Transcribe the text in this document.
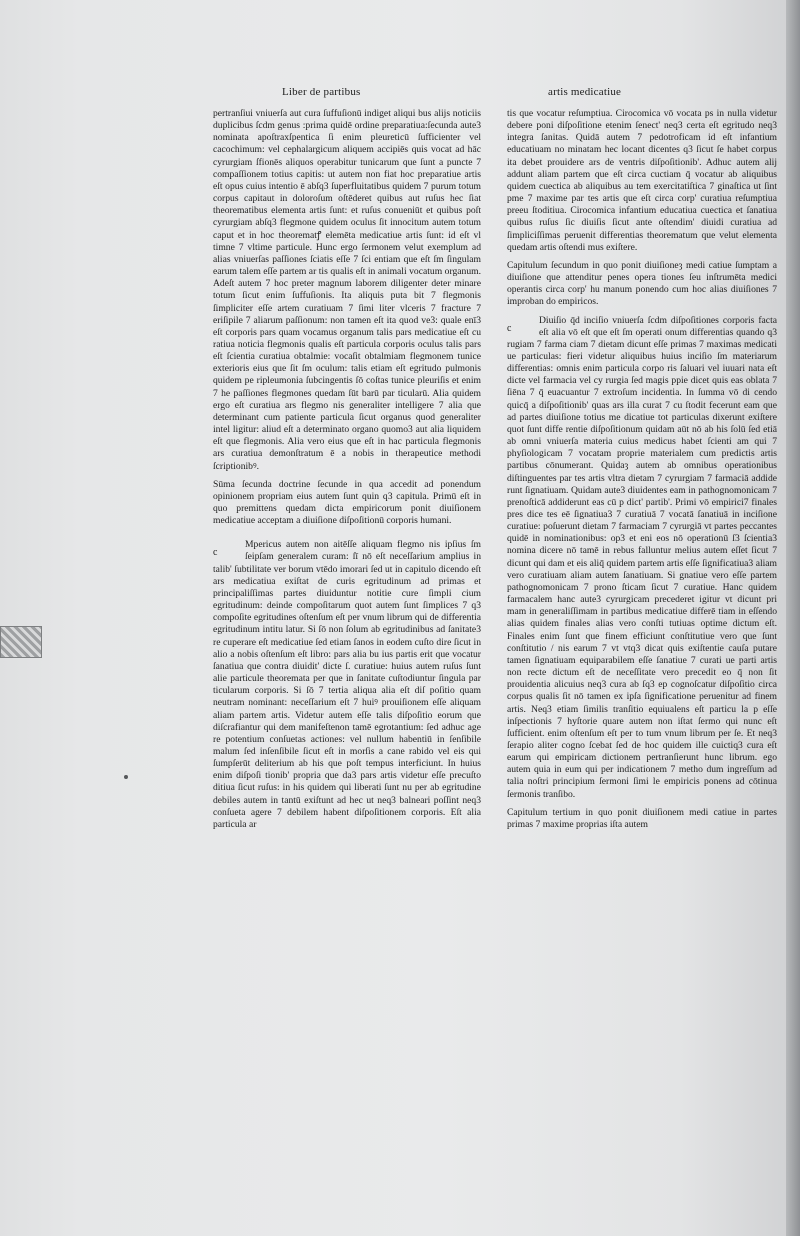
Liber de partibus	artis medicatiue

pertranſiui vniuerſa aut cura ſuffuſionū indiget aliqui bus alijs noticiis duplicibus ſcdm genus :prima quidē ordine preparatiua:ſecunda aute3 nominata apoſtraxſpentica ſi enim pleureticū ſufficienter vel cacochimum: vel cephalargicum aliquem accipiēs quis vocat ad hāc cyrurgiam ſfionēs aliquos operabitur tunicarum que ſunt a puncte 7 compaſſionem totius capitis: ut autem non fiat hoc preparatiue artis eſt opus cuius intentio ē abſq3 ſuperfluitatibus quidem 7 purum totum corpus capitaut in doloroſum oſtēderet quibus aut ruſus hec ſiat theorematibus elementa artis ſunt: et ruſus conueniūt et quibus poſt cyrurgiam abſq3 flegmone quidem oculus ſit innocitum autem totum caput et in hoc theorematꝭ elemēta medicatiue artis ſunt: id eſt vl timne 7 vltime particule. Hunc ergo ſermonem velut exemplum ad alias vniuerſas paſſiones ſciatis eſſe 7 ſci entiam que eſt ſm ſingulam earum talem eſſe partem ar tis qualis eſt in animali vocatum organum. Adeſt autem 7 hoc preter magnum laborem diligenter deter minare totum ſicut enim ſuffuſionis. Ita aliquis puta bit 7 flegmonis ſimpliciter eſſe artem curatiuam 7 ſimi liter vlceris 7 fracture 7 eriſipile 7 aliarum paſſionum: non tamen eſt ita quod ve3: quale enī3 eſt corporis pars quam vocamus organum talis pars medicatiue eſt cu ratiua noticia flegmonis qualis eſt particula corporis oculus talis pars eſt ſcientia curatiua obtalmie: vocaſit obtalmiam flegmonem tunice exterioris eius que ſit ſm oculum: talis etiam eſt egritudo pulmonis quidem pe ripleumonia ſubcingentis ſō coſtas tunice pleuriſis et enim 7 he paſſiones flegmones quedam ſūt barū par ticularū. Alia quidem ergo eſt curatiua ars flegmo nis generaliter intelligere 7 alia que determinant cum patiente particula ſicut organus quod generaliter intel ligitur: aliud eſt a determinato organo quomo3 aut alia liquidem eſt que flegmonis. Alia vero eius que eſt in hac particula flegmonis ars curatiua demonſtratum ē a nobis in therapeutice methodi ſcriptionibꝰ.

Sūma ſecunda doctrine ſecunde in qua accedit ad ponendum opinionem propriam eius autem ſunt quin q3 capitula. Primū eſt in quo premittens quedam dicta empiricorum ponit diuiſionem medicatiue acceptam a diuiſione diſpoſitionū corporis humani.

c
Mpericus autem non aitēſſe aliquam flegmo nis ipſius ſm ſeipſam generalem curam: ſī nō eſt neceſſarium amplius in talib' ſubtilitate ver borum vtēdo imorari ſed ut in capitulo dicendo eſt ars medicatiua exiſtat de curis egritudinum ad primas et principaliſſimas partes diuiduntur notitie cure ſimpli cium egritudinum: deinde compoſitarum quot autem ſunt ſimplices 7 q3 compoſite egritudines oſtenſum eſt per vnum librum qui de differentia egritudinum intitu latur. Si ſō non ſolum ab egritudinibus ad ſanitate3 re cuperare eſt medicatiue ſed etiam ſanos in eodem cuſto dire ſicut in alio a nobis oſtenſum eſt libro: pars alia bu ius partis erit que vocatur ſanatiua que contra diuidit' dicte ſ. curatiue: huius autem ruſus ſunt alie particule theoremata per que in ſanitate cuſtodiuntur ſingula par ticularum corporis. Si ſō 7 tertia aliqua alia eſt diſ poſitio quam neutram nominant: neceſſarium eſt 7 huiꝰ prouiſionem eſſe aliquam aliam partem artis. Videtur autem eſſe talis diſpoſitio eorum que diſcrafiantur qui dem manifeſtenon tamē egrotantium: ſed adhuc age re potentium conſuetas actiones: vel nullum habentiū in ſenſibile malum ſed inſenſibile ſicut eſt in morſis a cane rabido vel eis qui ſumpſerūt deliterium ab his que poſt tempus interficiunt. In huius enim diſpoſi tionib' propria que da3 pars artis videtur eſſe precuſto ditiua ſicut ruſus: in his quidem qui liberati ſunt nu per ab egritudine debiles autem in tantū exiſtunt ad hec ut neq3 balneari poſſint neq3 conſueta agere 7 debilem habent diſpoſitionem corporis. Eſt alia particula ar

tis que vocatur reſumptiua. Cirocomica vō vocata ps in nulla videtur debere poni diſpoſitione etenim ſenect' neq3 certa eſt egritudo neq3 integra ſanitas. Quidā autem 7 pedotroficam id eſt infantium educatiuam no minatam hec locant dicentes q3 ſicut ſe habet corpus ita debet prouidere ars de ventris diſpoſitionib'. Adhuc autem alij addunt aliam partem que eſt circa cuctiam q̄ vocatur ab aliquibus quidem cuectica ab aliquibus au tem exercitatiſtica 7 ginaſtica ut ſint pme 7 maxime par tes artis que eſt circa corp' curatiua reſumptiua preeu ſtoditiua. Cirocomica infantium educatiua cuectica et ſanatiua quibus ruſus ſic diuiſis ſicut ante oſtendim' diuidi curatiua ad ſimpliciſſimas peruenit differentias theorematum que velut elementa quedam artis oſtendi mus exiſtere.

Capitulum ſecundum in quo ponit diuiſioneȝ medi catiue ſumptam a diuiſione que attenditur penes opera tiones ſeu inſtrumēta medici operantis circa corp' hu manum ponendo cum hoc alias diuiſiones 7 improban do empiricos.

c
Diuiſio q̄d inciſio vniuerſa ſcdm diſpoſitiones corporis facta eſt alia vō eſt que eſt ſm operati onum differentias quando q3 rugiam 7 farma ciam 7 dietam dicunt eſſe primas 7 maximas medicati ue particulas: fieri videtur aliquibus huius inciſio ſm materiarum differentias: omnis enim particula corpo ris ſaluari vel iuuari nata eſt dicte vel farmacia vel cy rurgia ſed magis ppie dicet quis eas oblata 7 ſiēna 7 q̄ euacuantur 7 extroſum incidentia. In ſumma vō di cendo quicq̄ a diſpoſitionib' quas ars illa curat 7 cu ſtodit fecerunt eam que ad partes diuiſione totius me dicatiue tot particulas dixerunt exiſtere quot ſunt diffe rentie diſpoſitionum quidam aūt nō ab his ſolū ſed etiā ab omni vniuerſa materia cuius medicus habet ſcienti am qui 7 phyſiologicam 7 vocatam proprie materialem cum predictis artis partibus cōnumerant. Quidaȝ autem ab omnibus operationibus diſtinguentes par tes artis vltra dietam 7 cyrurgiam 7 farmaciā addide runt ſignatiuam. Quidam aute3 diuidentes eam in pathognomonicam 7 prenoſticā addiderunt eas cū p dict' partib'. Primi vō empirici7 finales pres dice tes eē ſignatiua3 7 curatiuā 7 vocatā ſanatiuā in inciſione curatiue: poſuerunt dietam 7 farmaciam 7 cyrurgiā vt partes peccantes quidē in nominationibus: op3 et eni eos nō operationū ſ3 ſcientia3 nomina dicere nō tamē in rebus falluntur melius autem eſſet ſicut 7 dicunt qui dam et eis aliq̄ quidem partem artis eſſe ſignificatiua3 aliam vero curatiuam aliam autem ſanatiuam. Si gnatiue vero eſſe partem pathognomonicam 7 prono ſticam ſicut 7 curatiue. Hanc quidem farmacalem hanc aute3 cyrurgicam precederet igitur vt dicunt pri mam in generaliſſimam in partibus medicatiue differē tiam in eſſendo alias quidem finales alias vero conſti tutiuas optime dictum eſt. Finales enim ſunt que finem efficiunt conſtitutiue vero que ſunt conſtitutio / nis earum 7 vt vtq3 dicat quis exiſtentie cauſa putare tamen ſignatiuam equiparabilem eſſe ſanatiue 7 curati ue parti artis non recte dictum eſt de neceſſitate vero precedit eo q̄ non ſit prouidentia alicuius neq3 cura ab ſq3 ep cognoſcatur diſpoſitio circa corpus qualis ſit nō tamen ex ipſa ſignificatione peruenitur ad finem artis. Neq3 etiam ſimilis tranſitio equiualens eſt particu la p eſſe inſpectionis 7 hyſtorie quare autem non iſtat ſermo qui nunc eſt ſufficient. enim oſtenſum eſt per to tum vnum librum per ſe. Et neq3 ſerapio aliter cogno ſcebat ſed de hoc quidem ille cuictiq3 cura eſt earum qui empiricam dictionem pertranſierunt hunc librum. ego autem quia in eum qui per indicationem 7 metho dum ingreſſum ad talia noſtri principium ſermoni ſimi le empiricis ponens ad cōtinua ſermonis tranſibo.

Capitulum tertium in quo ponit diuiſionem medi catiue in partes primas 7 maxime proprias iſta autem
